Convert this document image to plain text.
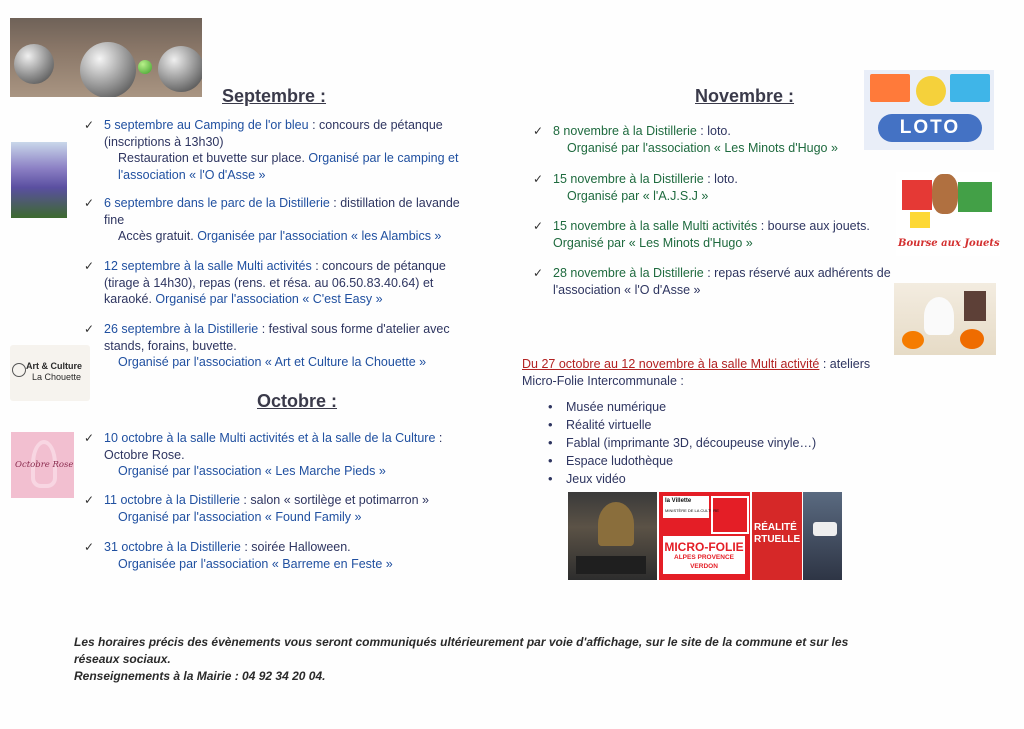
Art & Culture
La Chouette
Octobre Rose
LOTO
Bourse aux Jouets
la Villette
MINISTÈRE DE LA CULTURE
MICRO-FOLIE
ALPES PROVENCE
VERDON
RÉALITÉ
RTUELLE
Septembre :
✓ 5 septembre au Camping de l'or bleu : concours de pétanque
(inscriptions à 13h30)
Restauration et buvette sur place. Organisé par le camping et
l'association « l'O d'Asse »
✓ 6 septembre dans le parc de la Distillerie : distillation de lavande
fine
Accès gratuit. Organisée par l'association « les Alambics »
✓ 12 septembre à la salle Multi activités : concours de pétanque
(tirage à 14h30), repas (rens. et résa. au 06.50.83.40.64) et
karaoké. Organisé par l'association « C'est Easy »
✓ 26 septembre à la Distillerie : festival sous forme d'atelier avec
stands, forains, buvette.
Organisé par l'association « Art et Culture la Chouette »
Octobre :
✓ 10 octobre à la salle Multi activités et à la salle de la Culture :
Octobre Rose.
Organisé par l'association « Les Marche Pieds »
✓ 11 octobre à la Distillerie : salon « sortilège et potimarron »
Organisé par l'association « Found Family »
✓ 31 octobre à la Distillerie : soirée Halloween.
Organisée par l'association « Barreme en Feste »
Novembre :
✓ 8 novembre à la Distillerie : loto.
Organisé par l'association « Les Minots d'Hugo »
✓ 15 novembre à la Distillerie : loto.
Organisé par « l'A.J.S.J »
✓ 15 novembre à la salle Multi activités : bourse aux jouets.
Organisé par « Les Minots d'Hugo »
✓ 28 novembre à la Distillerie : repas réservé aux adhérents de
l'association « l'O d'Asse »
Du 27 octobre au 12 novembre à la salle Multi activité : ateliers
Micro-Folie Intercommunale :
• Musée numérique
• Réalité virtuelle
• Fablal (imprimante 3D, découpeuse vinyle…)
• Espace ludothèque
• Jeux vidéo
Les horaires précis des évènements vous seront communiqués ultérieurement par voie d'affichage, sur le site de la commune et sur les
réseaux sociaux.
Renseignements à la Mairie : 04 92 34 20 04.
